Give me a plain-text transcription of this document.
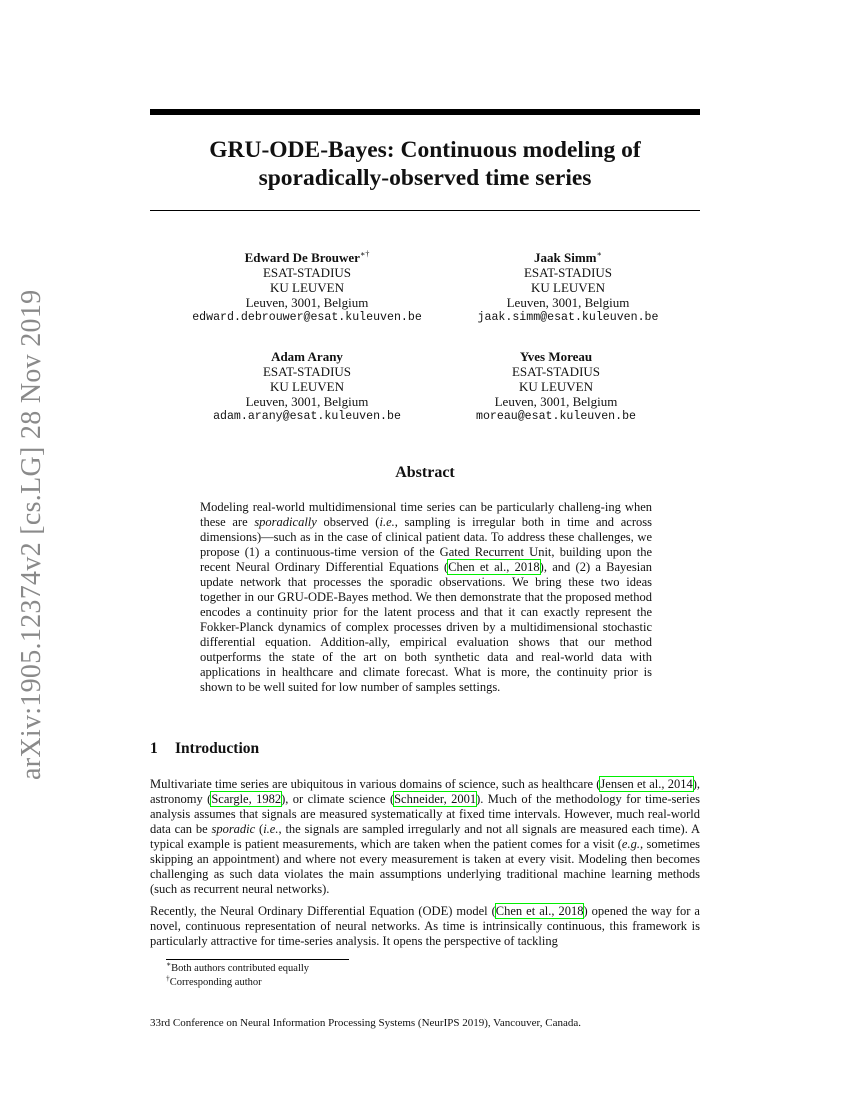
arXiv:1905.12374v2 [cs.LG] 28 Nov 2019
GRU-ODE-Bayes: Continuous modeling of
sporadically-observed time series
Edward De Brouwer∗†
ESAT-STADIUS
KU LEUVEN
Leuven, 3001, Belgium
edward.debrouwer@esat.kuleuven.be
Jaak Simm∗
ESAT-STADIUS
KU LEUVEN
Leuven, 3001, Belgium
jaak.simm@esat.kuleuven.be
Adam Arany
ESAT-STADIUS
KU LEUVEN
Leuven, 3001, Belgium
adam.arany@esat.kuleuven.be
Yves Moreau
ESAT-STADIUS
KU LEUVEN
Leuven, 3001, Belgium
moreau@esat.kuleuven.be
Abstract
Modeling real-world multidimensional time series can be particularly challeng-ing when these are sporadically observed (i.e., sampling is irregular both in time and across dimensions)—such as in the case of clinical patient data. To address these challenges, we propose (1) a continuous-time version of the Gated Recurrent Unit, building upon the recent Neural Ordinary Differential Equations (Chen et al., 2018), and (2) a Bayesian update network that processes the sporadic observations. We bring these two ideas together in our GRU-ODE-Bayes method. We then demonstrate that the proposed method encodes a continuity prior for the latent process and that it can exactly represent the Fokker-Planck dynamics of complex processes driven by a multidimensional stochastic differential equation. Addition-ally, empirical evaluation shows that our method outperforms the state of the art on both synthetic data and real-world data with applications in healthcare and climate forecast. What is more, the continuity prior is shown to be well suited for low number of samples settings.
1 Introduction
Multivariate time series are ubiquitous in various domains of science, such as healthcare (Jensen et al., 2014), astronomy (Scargle, 1982), or climate science (Schneider, 2001). Much of the methodology for time-series analysis assumes that signals are measured systematically at fixed time intervals. However, much real-world data can be sporadic (i.e., the signals are sampled irregularly and not all signals are measured each time). A typical example is patient measurements, which are taken when the patient comes for a visit (e.g., sometimes skipping an appointment) and where not every measurement is taken at every visit. Modeling then becomes challenging as such data violates the main assumptions underlying traditional machine learning methods (such as recurrent neural networks).
Recently, the Neural Ordinary Differential Equation (ODE) model (Chen et al., 2018) opened the way for a novel, continuous representation of neural networks. As time is intrinsically continuous, this framework is particularly attractive for time-series analysis. It opens the perspective of tackling
∗Both authors contributed equally
†Corresponding author
33rd Conference on Neural Information Processing Systems (NeurIPS 2019), Vancouver, Canada.
